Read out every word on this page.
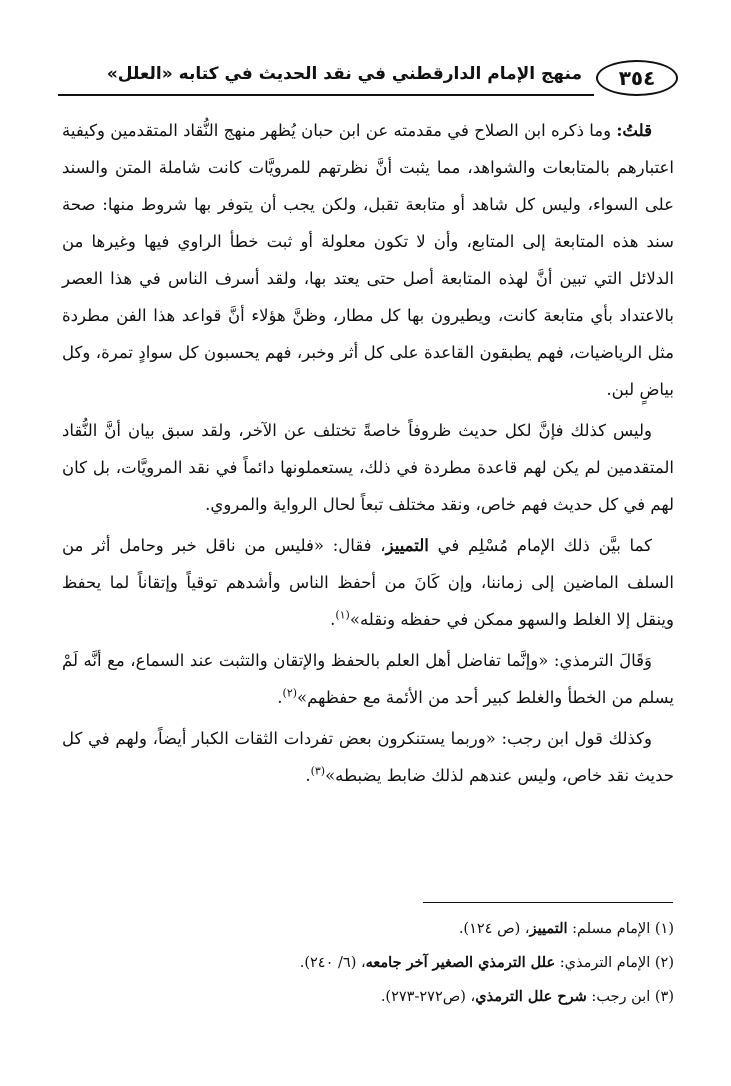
٣٥٤
منهج الإمام الدارقطني في نقد الحديث في كتابه «العلل»

قلتُ: وما ذكره ابن الصلاح في مقدمته عن ابن حبان يُظهر منهج النُّقاد المتقدمين وكيفية اعتبارهم بالمتابعات والشواهد، مما يثبت أنَّ نظرتهم للمرويَّات كانت شاملة المتن والسند على السواء، وليس كل شاهد أو متابعة تقبل، ولكن يجب أن يتوفر بها شروط منها: صحة سند هذه المتابعة إلى المتابع، وأن لا تكون معلولة أو ثبت خطأ الراوي فيها وغيرها من الدلائل التي تبين أنَّ لهذه المتابعة أصل حتى يعتد بها، ولقد أسرف الناس في هذا العصر بالاعتداد بأي متابعة كانت، ويطيرون بها كل مطار، وظنَّ هؤلاء أنَّ قواعد هذا الفن مطردة مثل الرياضيات، فهم يطبقون القاعدة على كل أثر وخبر، فهم يحسبون كل سوادٍ تمرة، وكل بياضٍ لبن.

وليس كذلك فإنَّ لكل حديث ظروفاً خاصةً تختلف عن الآخر، ولقد سبق بيان أنَّ النُّقاد المتقدمين لم يكن لهم قاعدة مطردة في ذلك، يستعملونها دائماً في نقد المرويَّات، بل كان لهم في كل حديث فهم خاص، ونقد مختلف تبعاً لحال الرواية والمروي.

كما بيَّن ذلك الإمام مُسْلِم في التمييز، فقال: «فليس من ناقل خبر وحامل أثر من السلف الماضين إلى زماننا، وإن كَانَ من أحفظ الناس وأشدهم توقياً وإتقاناً لما يحفظ وينقل إلا الغلط والسهو ممكن في حفظه ونقله»$^{(١)}$.

وَقَالَ الترمذي: «وإنَّما تفاضل أهل العلم بالحفظ والإتقان والتثبت عند السماع، مع أنَّه لَمْ يسلم من الخطأ والغلط كبير أحد من الأئمة مع حفظهم»$^{(٢)}$.

وكذلك قول ابن رجب: «وربما يستنكرون بعض تفردات الثقات الكبار أيضاً، ولهم في كل حديث نقد خاص، وليس عندهم لذلك ضابط يضبطه»$^{(٣)}$.

(١) الإمام مسلم: التمييز، (ص ١٢٤).
(٢) الإمام الترمذي: علل الترمذي الصغير آخر جامعه، (٦/ ٢٤٠).
(٣) ابن رجب: شرح علل الترمذي، (ص٢٧٢-٢٧٣).
